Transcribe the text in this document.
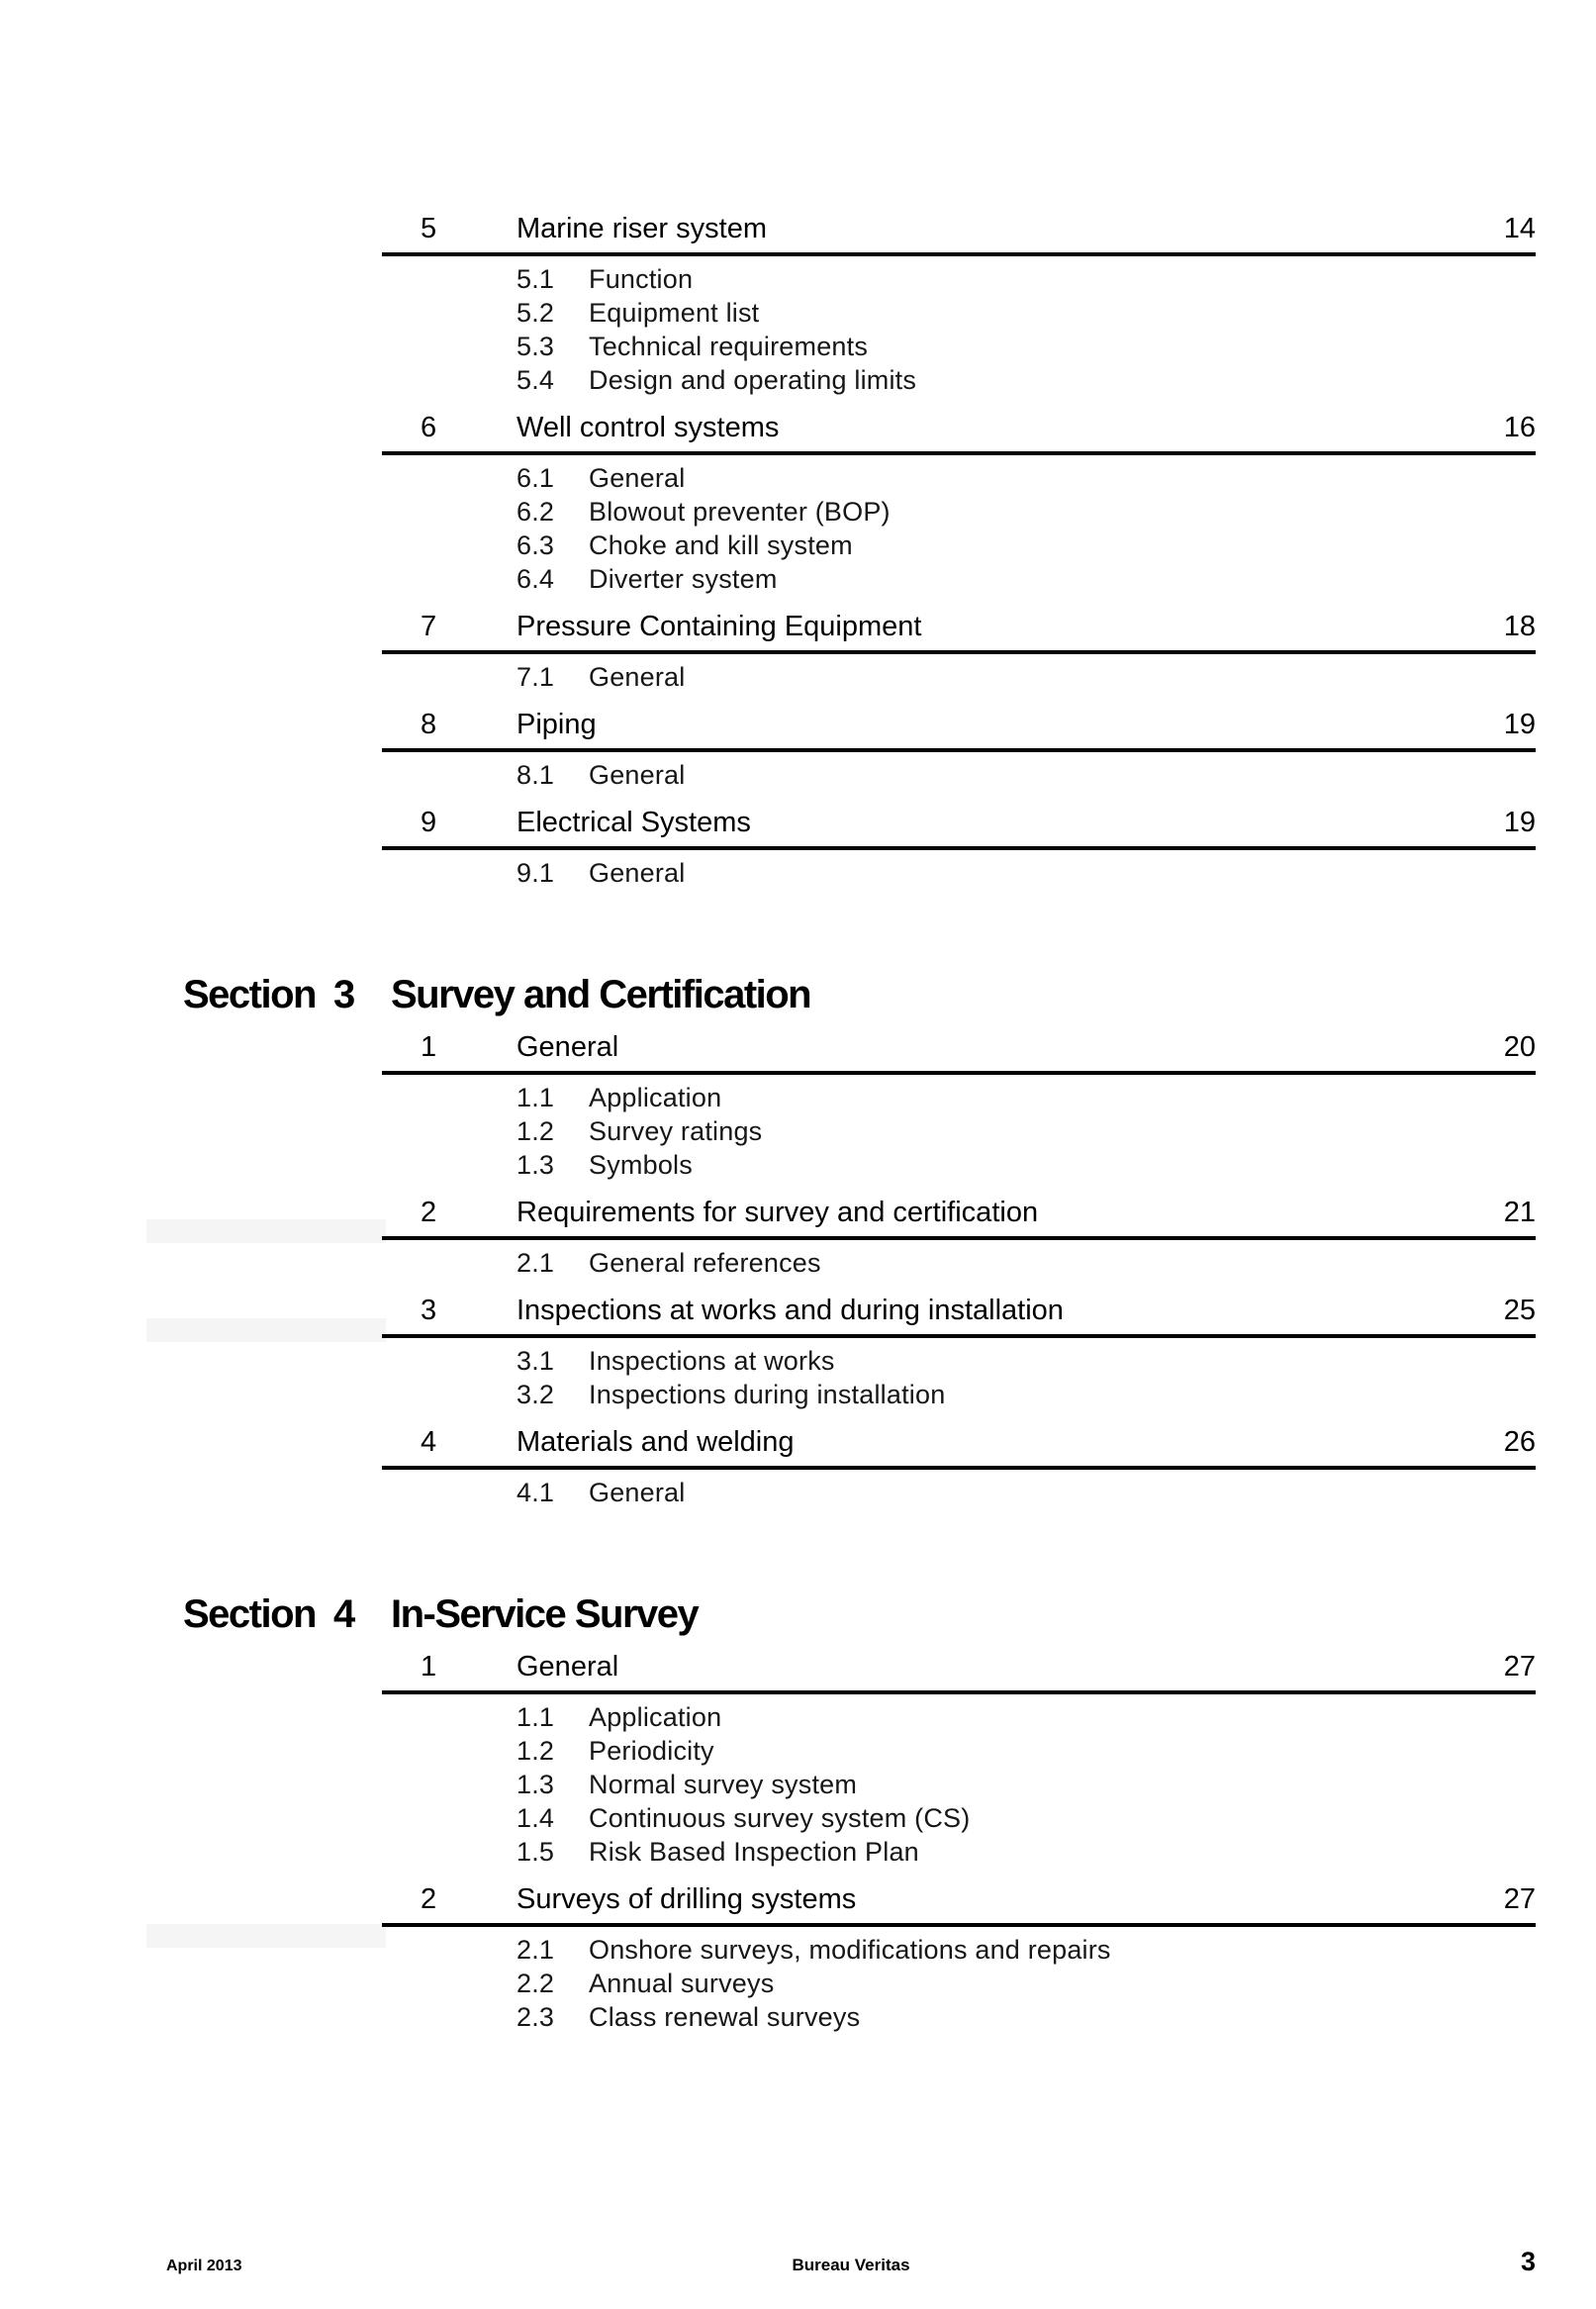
5	Marine riser system	14
5.1	Function
5.2	Equipment list
5.3	Technical requirements
5.4	Design and operating limits
6	Well control systems	16
6.1	General
6.2	Blowout preventer (BOP)
6.3	Choke and kill system
6.4	Diverter system
7	Pressure Containing Equipment	18
7.1	General
8	Piping	19
8.1	General
9	Electrical Systems	19
9.1	General
Section 3 Survey and Certification
1	General	20
1.1	Application
1.2	Survey ratings
1.3	Symbols
2	Requirements for survey and certification	21
2.1	General references
3	Inspections at works and during installation	25
3.1	Inspections at works
3.2	Inspections during installation
4	Materials and welding	26
4.1	General
Section 4 In-Service Survey
1	General	27
1.1	Application
1.2	Periodicity
1.3	Normal survey system
1.4	Continuous survey system (CS)
1.5	Risk Based Inspection Plan
2	Surveys of drilling systems	27
2.1	Onshore surveys, modifications and repairs
2.2	Annual surveys
2.3	Class renewal surveys
April 2013	Bureau Veritas	3
